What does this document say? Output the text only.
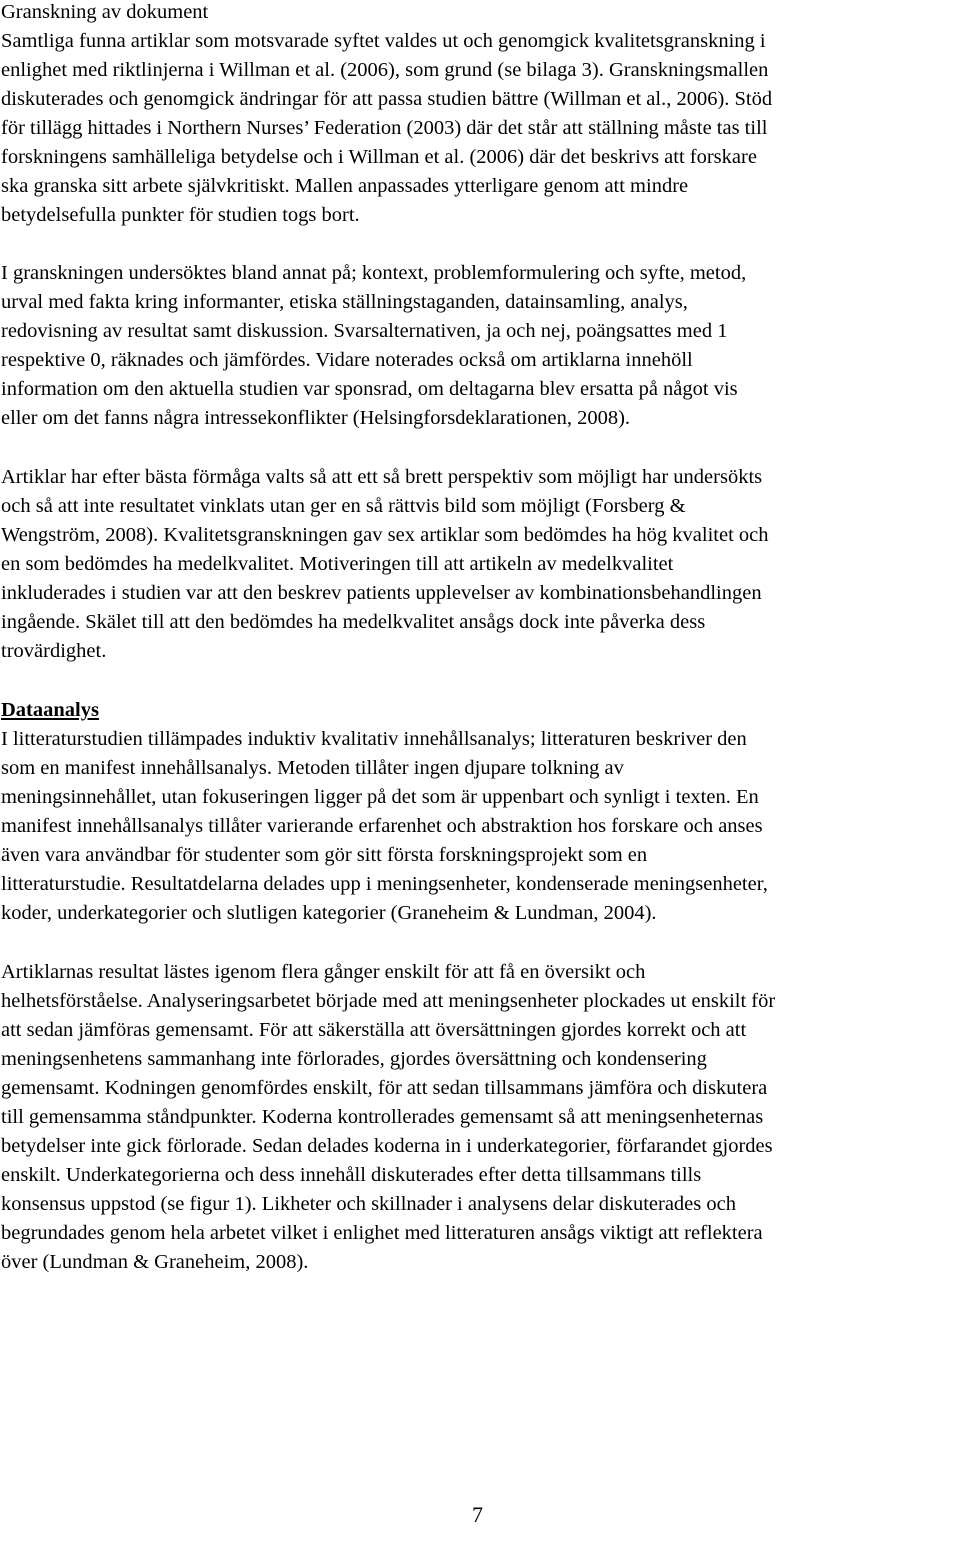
Granskning av dokument
Samtliga funna artiklar som motsvarade syftet valdes ut och genomgick kvalitetsgranskning i
enlighet med riktlinjerna i Willman et al. (2006), som grund (se bilaga 3). Granskningsmallen
diskuterades och genomgick ändringar för att passa studien bättre (Willman et al., 2006). Stöd
för tillägg hittades i Northern Nurses’ Federation (2003) där det står att ställning måste tas till
forskningens samhälleliga betydelse och i Willman et al. (2006) där det beskrivs att forskare
ska granska sitt arbete självkritiskt. Mallen anpassades ytterligare genom att mindre
betydelsefulla punkter för studien togs bort.
I granskningen undersöktes bland annat på; kontext, problemformulering och syfte, metod,
urval med fakta kring informanter, etiska ställningstaganden, datainsamling, analys,
redovisning av resultat samt diskussion. Svarsalternativen, ja och nej, poängsattes med 1
respektive 0, räknades och jämfördes. Vidare noterades också om artiklarna innehöll
information om den aktuella studien var sponsrad, om deltagarna blev ersatta på något vis
eller om det fanns några intressekonflikter (Helsingforsdeklarationen, 2008).
Artiklar har efter bästa förmåga valts så att ett så brett perspektiv som möjligt har undersökts
och så att inte resultatet vinklats utan ger en så rättvis bild som möjligt (Forsberg &
Wengström, 2008). Kvalitetsgranskningen gav sex artiklar som bedömdes ha hög kvalitet och
en som bedömdes ha medelkvalitet. Motiveringen till att artikeln av medelkvalitet
inkluderades i studien var att den beskrev patients upplevelser av kombinationsbehandlingen
ingående. Skälet till att den bedömdes ha medelkvalitet ansågs dock inte påverka dess
trovärdighet.
Dataanalys
I litteraturstudien tillämpades induktiv kvalitativ innehållsanalys; litteraturen beskriver den
som en manifest innehållsanalys. Metoden tillåter ingen djupare tolkning av
meningsinnehållet, utan fokuseringen ligger på det som är uppenbart och synligt i texten. En
manifest innehållsanalys tillåter varierande erfarenhet och abstraktion hos forskare och anses
även vara användbar för studenter som gör sitt första forskningsprojekt som en
litteraturstudie. Resultatdelarna delades upp i meningsenheter, kondenserade meningsenheter,
koder, underkategorier och slutligen kategorier (Graneheim & Lundman, 2004).
Artiklarnas resultat lästes igenom flera gånger enskilt för att få en översikt och
helhetsförståelse. Analyseringsarbetet började med att meningsenheter plockades ut enskilt för
att sedan jämföras gemensamt. För att säkerställa att översättningen gjordes korrekt och att
meningsenhetens sammanhang inte förlorades, gjordes översättning och kondensering
gemensamt. Kodningen genomfördes enskilt, för att sedan tillsammans jämföra och diskutera
till gemensamma ståndpunkter. Koderna kontrollerades gemensamt så att meningsenheternas
betydelser inte gick förlorade. Sedan delades koderna in i underkategorier, förfarandet gjordes
enskilt. Underkategorierna och dess innehåll diskuterades efter detta tillsammans tills
konsensus uppstod (se figur 1). Likheter och skillnader i analysens delar diskuterades och
begrundades genom hela arbetet vilket i enlighet med litteraturen ansågs viktigt att reflektera
över (Lundman & Graneheim, 2008).
7
